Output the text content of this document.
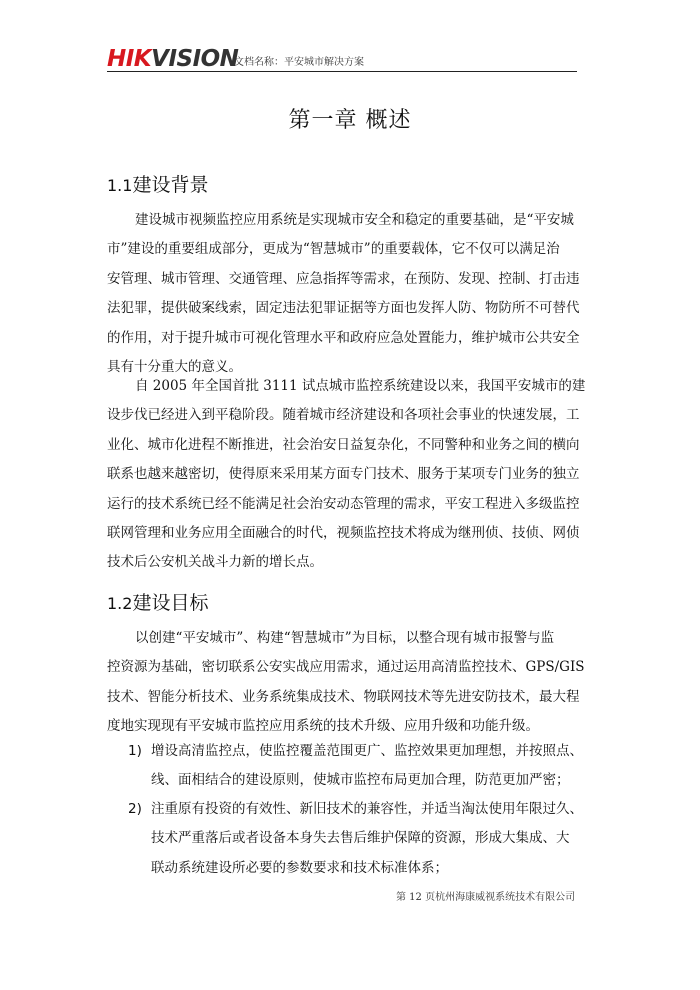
HIKVISION
文档名称：平安城市解决方案
第一章 概述
1.1建设背景
建设城市视频监控应用系统是实现城市安全和稳定的重要基础，是“平安城
市”建设的重要组成部分，更成为“智慧城市”的重要载体，它不仅可以满足治
安管理、城市管理、交通管理、应急指挥等需求，在预防、发现、控制、打击违
法犯罪，提供破案线索，固定违法犯罪证据等方面也发挥人防、物防所不可替代
的作用，对于提升城市可视化管理水平和政府应急处置能力，维护城市公共安全
具有十分重大的意义。
自 2005 年全国首批 3111 试点城市监控系统建设以来，我国平安城市的建
设步伐已经进入到平稳阶段。随着城市经济建设和各项社会事业的快速发展，工
业化、城市化进程不断推进，社会治安日益复杂化，不同警种和业务之间的横向
联系也越来越密切，使得原来采用某方面专门技术、服务于某项专门业务的独立
运行的技术系统已经不能满足社会治安动态管理的需求，平安工程进入多级监控
联网管理和业务应用全面融合的时代，视频监控技术将成为继刑侦、技侦、网侦
技术后公安机关战斗力新的增长点。
1.2建设目标
以创建“平安城市”、构建“智慧城市”为目标，以整合现有城市报警与监
控资源为基础，密切联系公安实战应用需求，通过运用高清监控技术、GPS/GIS
技术、智能分析技术、业务系统集成技术、物联网技术等先进安防技术，最大程
度地实现现有平安城市监控应用系统的技术升级、应用升级和功能升级。
1) 增设高清监控点，使监控覆盖范围更广、监控效果更加理想，并按照点、
线、面相结合的建设原则，使城市监控布局更加合理，防范更加严密；
2) 注重原有投资的有效性、新旧技术的兼容性，并适当淘汰使用年限过久、
技术严重落后或者设备本身失去售后维护保障的资源，形成大集成、大
联动系统建设所必要的参数要求和技术标准体系；
第 12 页杭州海康威视系统技术有限公司
